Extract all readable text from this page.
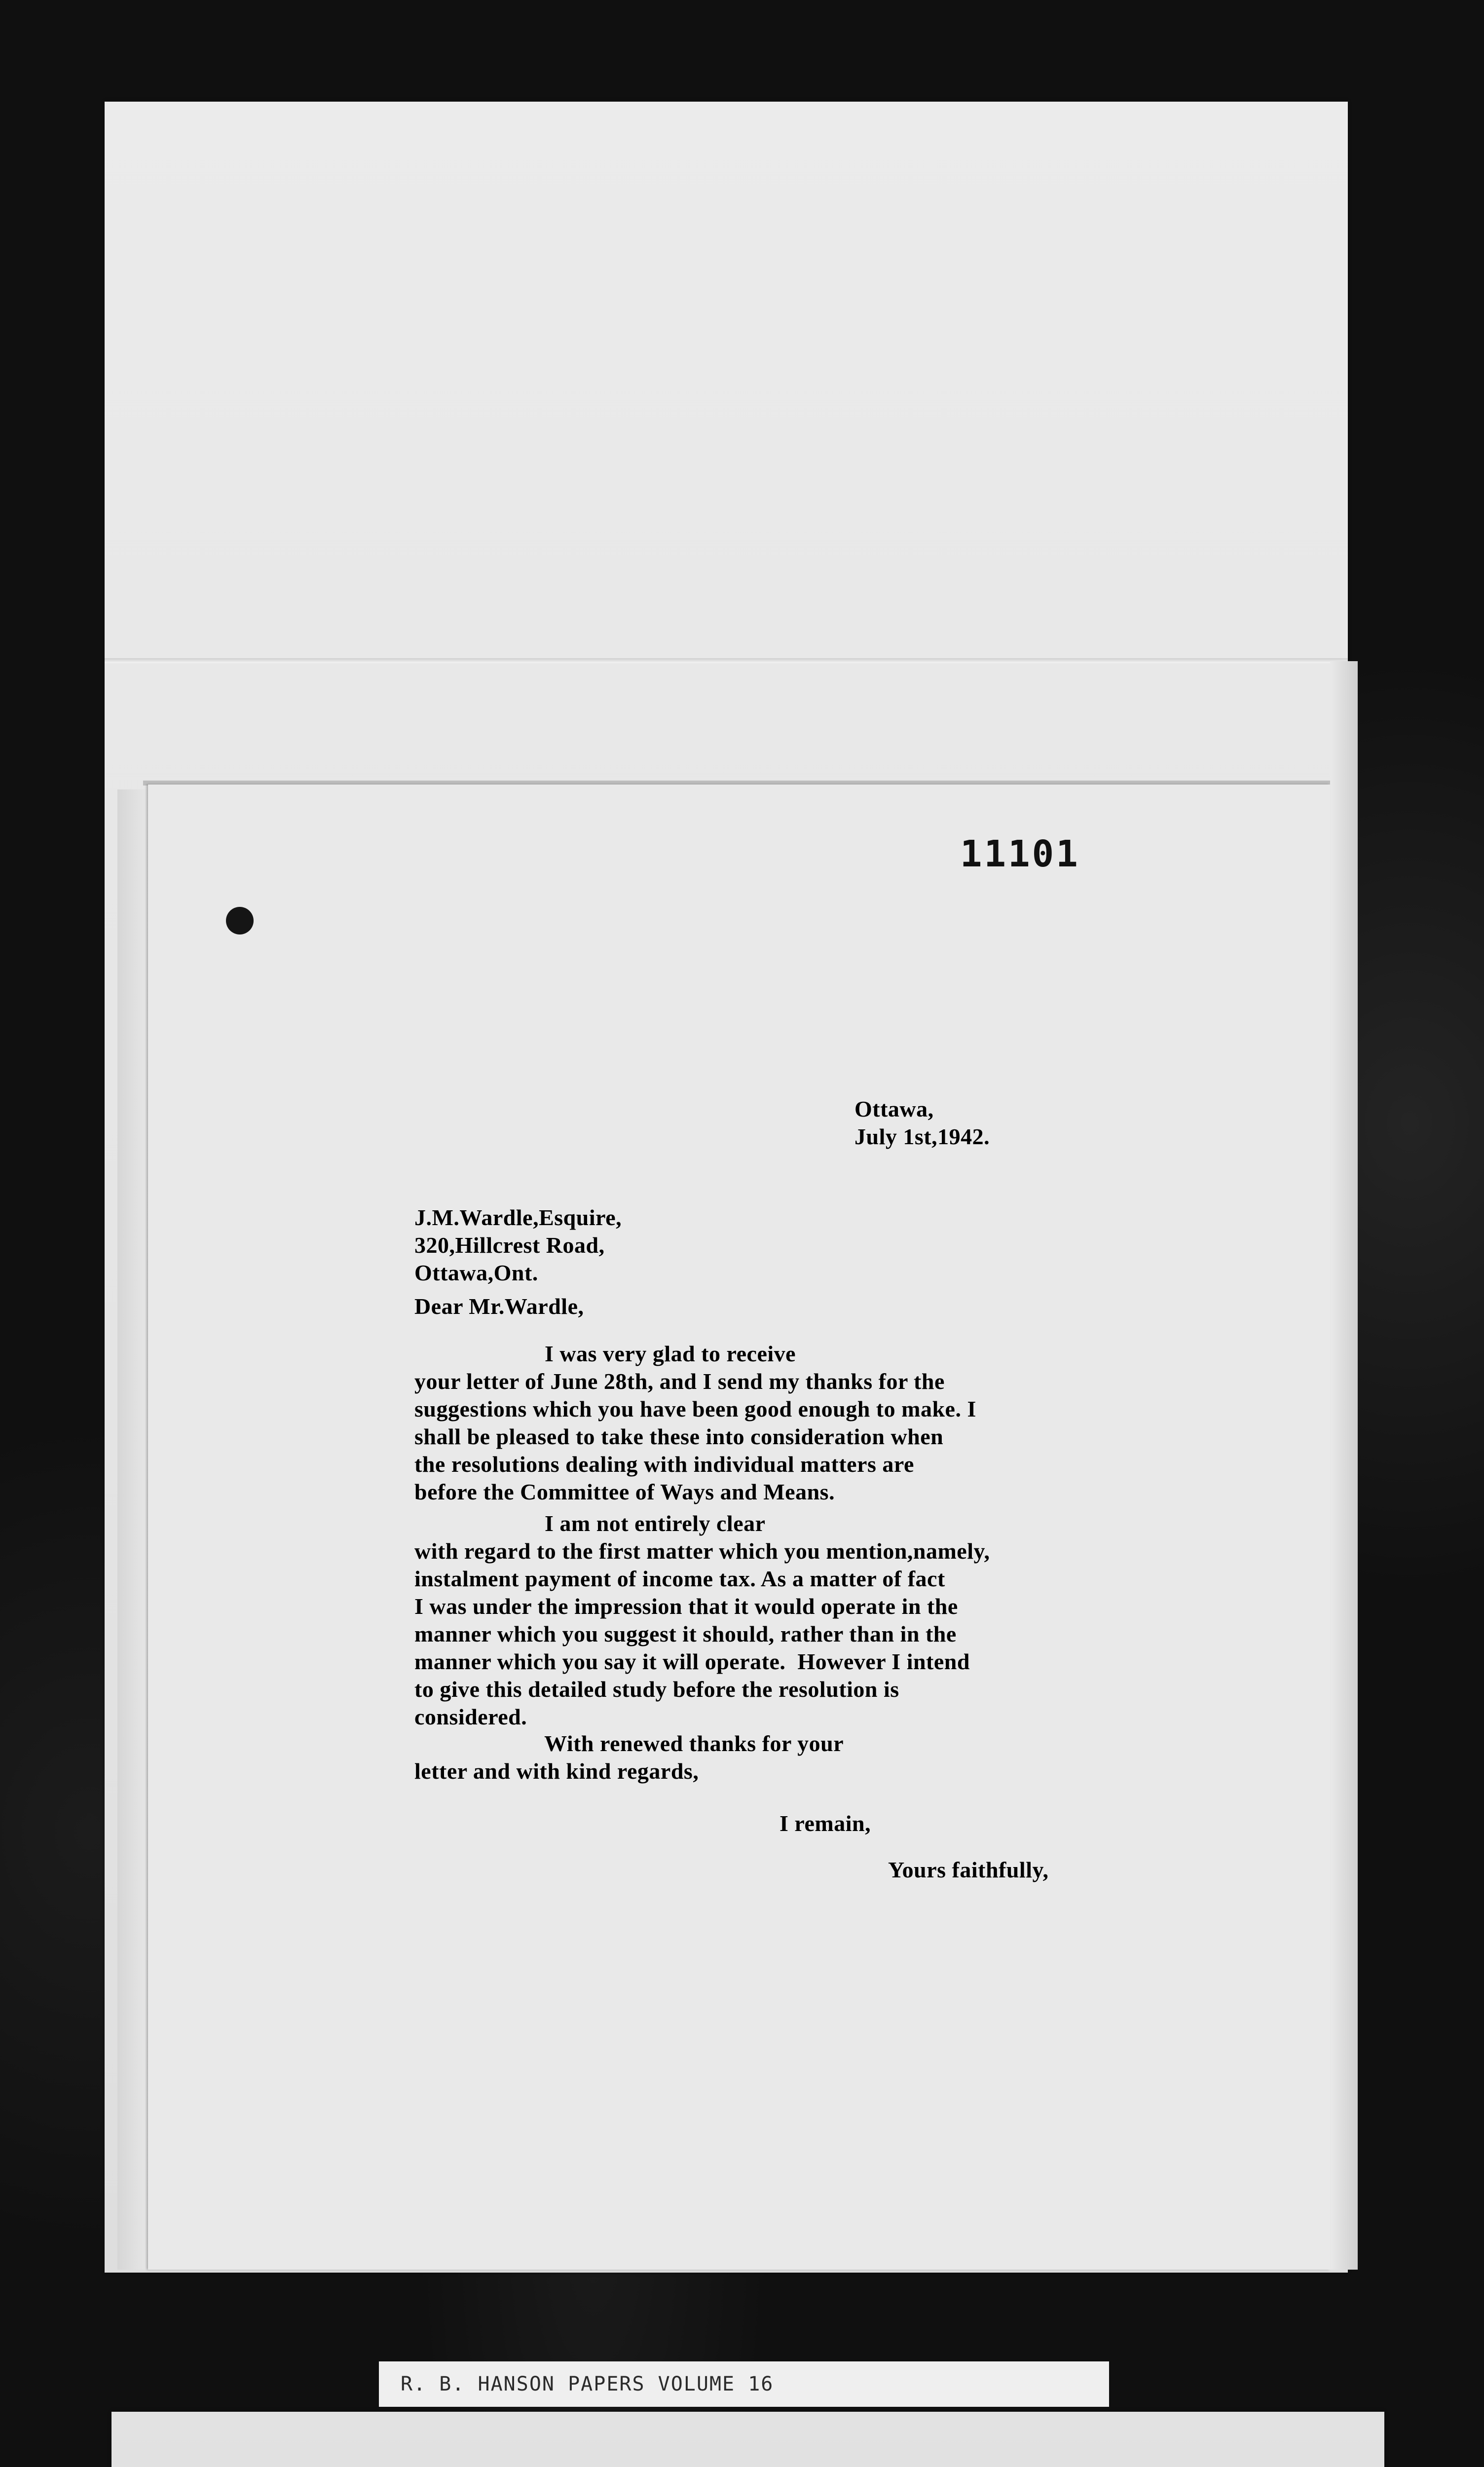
11101
Ottawa,
July 1st,1942.
J.M.Wardle,Esquire,
320,Hillcrest Road,
Ottawa,Ont.
Dear Mr.Wardle,
I was very glad to receive
your letter of June 28th, and I send my thanks for the
suggestions which you have been good enough to make. I
shall be pleased to take these into consideration when
the resolutions dealing with individual matters are
before the Committee of Ways and Means.
I am not entirely clear
with regard to the first matter which you mention,namely,
instalment payment of income tax. As a matter of fact
I was under the impression that it would operate in the
manner which you suggest it should, rather than in the
manner which you say it will operate.  However I intend
to give this detailed study before the resolution is
considered.
With renewed thanks for your
letter and with kind regards,
I remain,
Yours faithfully,
R. B. HANSON PAPERS VOLUME 16
